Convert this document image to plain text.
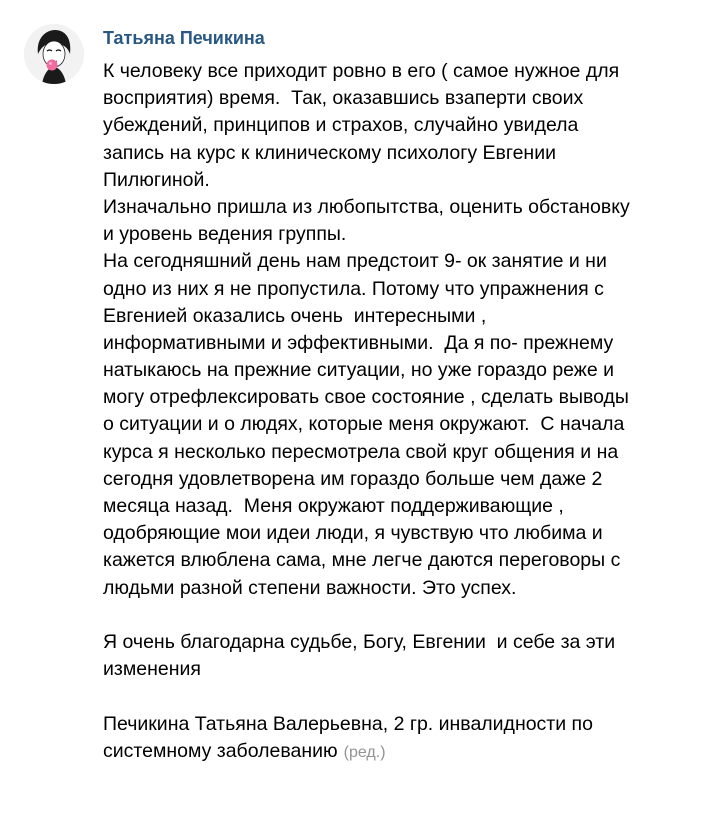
Татьяна Печикина
К человеку все приходит ровно в его ( самое нужное для
восприятия) время.  Так, оказавшись взаперти своих
убеждений, принципов и страхов, случайно увидела
запись на курс к клиническому психологу Евгении
Пилюгиной.
Изначально пришла из любопытства, оценить обстановку
и уровень ведения группы.
На сегодняшний день нам предстоит 9- ок занятие и ни
одно из них я не пропустила. Потому что упражнения с
Евгенией оказались очень  интересными ,
информативными и эффективными.  Да я по- прежнему
натыкаюсь на прежние ситуации, но уже гораздо реже и
могу отрефлексировать свое состояние , сделать выводы
о ситуации и о людях, которые меня окружают.  С начала
курса я несколько пересмотрела свой круг общения и на
сегодня удовлетворена им гораздо больше чем даже 2
месяца назад.  Меня окружают поддерживающие ,
одобряющие мои идеи люди, я чувствую что любима и
кажется влюблена сама, мне легче даются переговоры с
людьми разной степени важности. Это успех.
Я очень благодарна судьбе, Богу, Евгении  и себе за эти
изменения
Печикина Татьяна Валерьевна, 2 гр. инвалидности по
системному заболеванию (ред.)
